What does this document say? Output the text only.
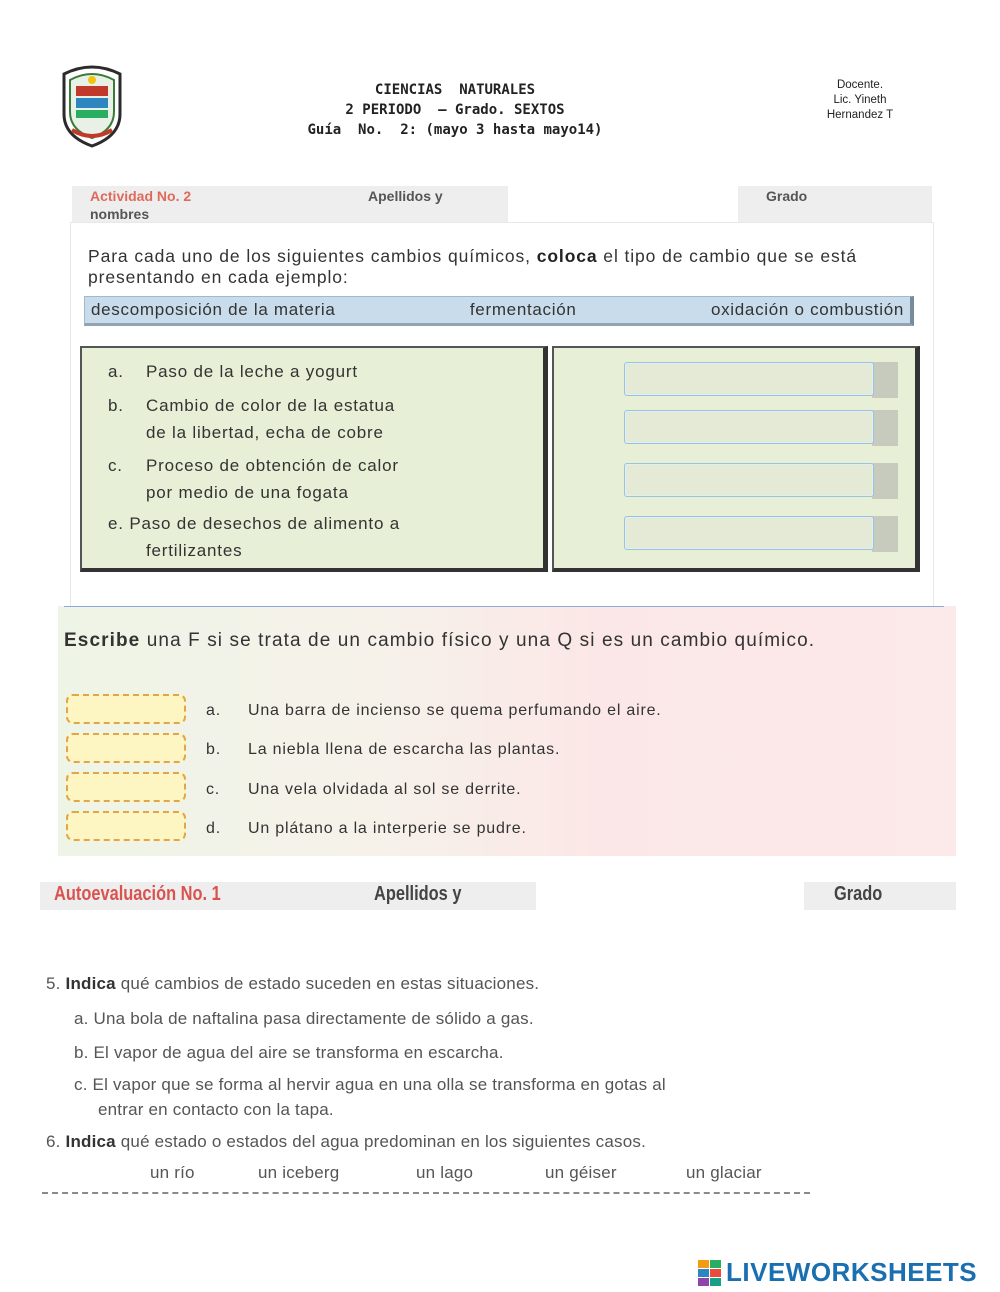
CIENCIAS  NATURALES
2 PERIODO  – Grado. SEXTOS
Guía  No.  2: (mayo 3 hasta mayo14)
Docente.
Lic. Yineth
Hernandez T
Actividad No. 2	Apellidos y
nombres
Grado
Para cada uno de los siguientes cambios químicos, coloca el tipo de cambio que se está presentando en cada ejemplo:
descomposición de la materia	fermentación	oxidación o combustión
a. Paso de la leche a yogurt
b. Cambio de color de la estatua
de la libertad, echa de cobre
c. Proceso de obtención de calor
por medio de una fogata
e. Paso de desechos de alimento a
fertilizantes
Escribe una F si se trata de un cambio físico y una Q si es un cambio químico.
a. Una barra de incienso se quema perfumando el aire.
b. La niebla llena de escarcha las plantas.
c. Una vela olvidada al sol se derrite.
d. Un plátano a la interperie se pudre.
Autoevaluación No. 1	Apellidos y	Grado
5. Indica qué cambios de estado suceden en estas situaciones.
a. Una bola de naftalina pasa directamente de sólido a gas.
b. El vapor de agua del aire se transforma en escarcha.
c. El vapor que se forma al hervir agua en una olla se transforma en gotas al
entrar en contacto con la tapa.
6. Indica qué estado o estados del agua predominan en los siguientes casos.
un río	un iceberg	un lago	un géiser	un glaciar
LIVEWORKSHEETS
